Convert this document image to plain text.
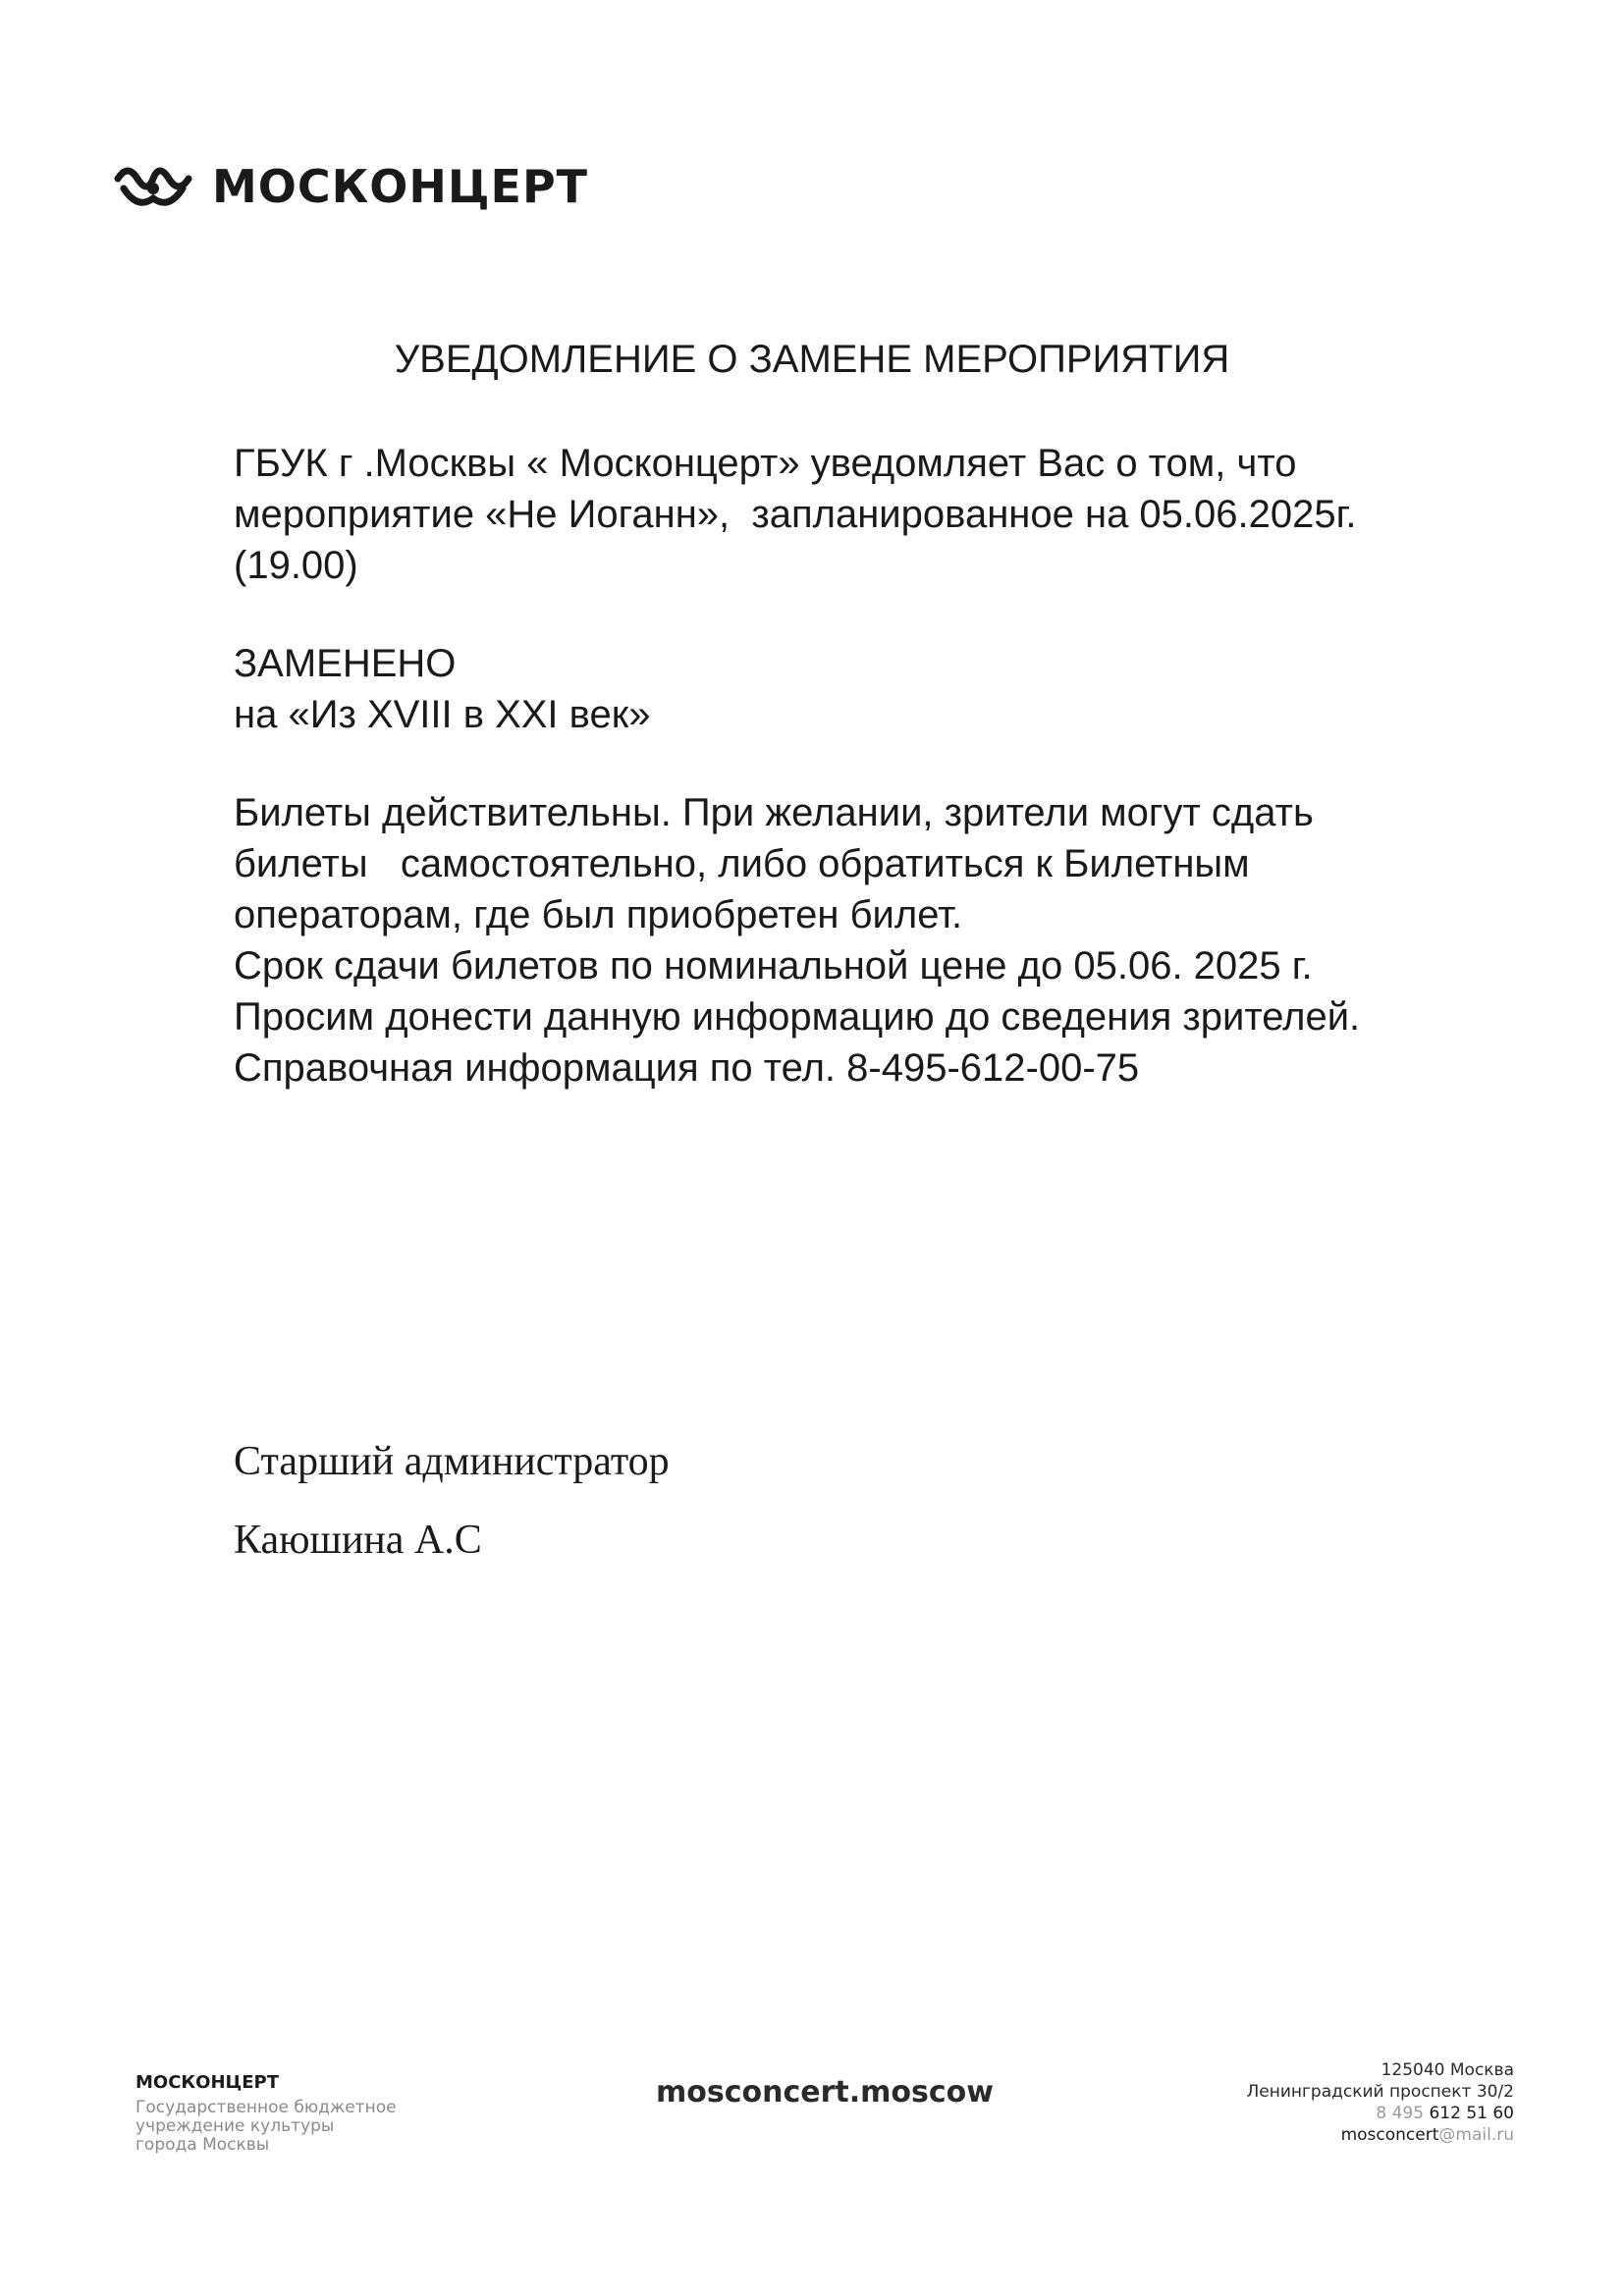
МОСКОНЦЕРТ
УВЕДОМЛЕНИЕ О ЗАМЕНЕ МЕРОПРИЯТИЯ
ГБУК г .Москвы « Москонцерт» уведомляет Вас о том, что
мероприятие «Не Иоганн»,  запланированное на 05.06.2025г.
(19.00)
ЗАМЕНЕНО
на «Из XVIII в XXI век»
Билеты действительны. При желании, зрители могут сдать
билеты   самостоятельно, либо обратиться к Билетным
операторам, где был приобретен билет.
Срок сдачи билетов по номинальной цене до 05.06. 2025 г.
Просим донести данную информацию до сведения зрителей.
Справочная информация по тел. 8-495-612-00-75
Старший администратор
Каюшина А.С
МОСКОНЦЕРТ
Государственное бюджетное
учреждение культуры
города Москвы
mosconcert.moscow
125040 Москва
Ленинградский проспект 30/2
8 495 612 51 60
mosconcert@mail.ru
